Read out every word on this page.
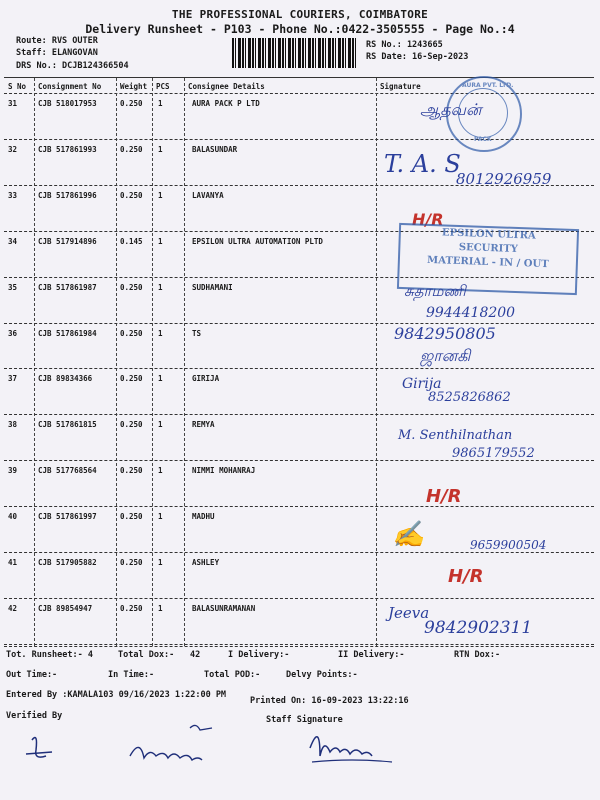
THE PROFESSIONAL COURIERS, COIMBATORE
Delivery Runsheet - P103 - Phone No.:0422-3505555 - Page No.:4
Route: RVS OUTER
Staff: ELANGOVAN
DRS No.: DCJB124366504
RS No.: 1243665
RS Date: 16-Sep-2023
S No Consignment No	Weight PCS Consignee Details	Signature
31	CJB 518017953	0.250 1	AURA PACK P LTD
32	CJB 517861993	0.250 1	BALASUNDAR
33	CJB 517861996	0.250 1	LAVANYA
34	CJB 517914896	0.145 1	EPSILON ULTRA AUTOMATION PLTD
35	CJB 517861987	0.250 1	SUDHAMANI
36	CJB 517861984	0.250 1	TS
37	CJB 89834366	0.250 1	GIRIJA
38	CJB 517861815	0.250 1	REMYA
39	CJB 517768564	0.250 1	NIMMI MOHANRAJ
40	CJB 517861997	0.250 1	MADHU
41	CJB 517905882	0.250 1	ASHLEY
42	CJB 89854947	0.250 1	BALASUNRAMANAN
AURA PVT. LTD.
PACK
ஆதவன்
T. A. S
8012926959
H/R
EPSILON ULTRA
SECURITY
MATERIAL - IN / OUT
சுதாமணி
9944418200
9842950805
ஜானகி
Girija
8525826862
M. Senthilnathan
9865179552
H/R
✍	9659900504
H/R
Jeeva
9842902311
Tot. Runsheet:- 4	Total Dox:- 42	I Delivery:-	II Delivery:-	RTN Dox:-
Out Time:-	In Time:-	Total POD:-	Delvy Points:-
Entered By :KAMALA103 09/16/2023 1:22:00 PM
Printed On: 16-09-2023 13:22:16
Verified By	Staff Signature
